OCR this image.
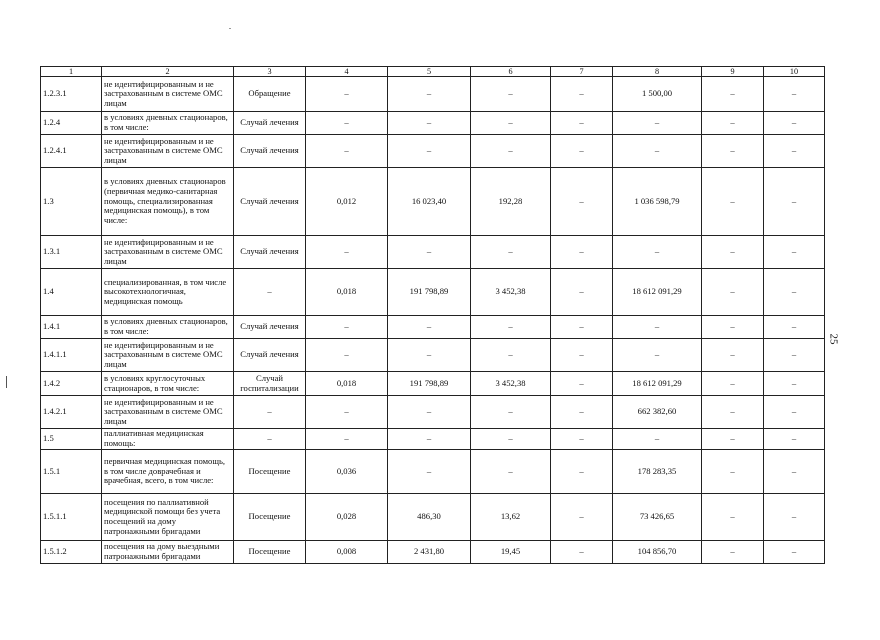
1	2	3	4	5	6	7	8	9	10
1.2.3.1	не идентифицированным и не застрахованным в системе ОМС лицам	Обращение	–	–	–	–	1 500,00	–	–
1.2.4	в условиях дневных стационаров, в том числе:	Случай лечения	–	–	–	–	–	–	–
1.2.4.1	не идентифицированным и не застрахованным в системе ОМС лицам	Случай лечения	–	–	–	–	–	–	–
1.3	в условиях дневных стационаров (первичная медико-санитарная помощь, специализированная медицинская помощь), в том числе:	Случай лечения	0,012	16 023,40	192,28	–	1 036 598,79	–	–
1.3.1	не идентифицированным и не застрахованным в системе ОМС лицам	Случай лечения	–	–	–	–	–	–	–
1.4	специализированная, в том числе высокотехнологичная, медицинская помощь	–	0,018	191 798,89	3 452,38	–	18 612 091,29	–	–
1.4.1	в условиях дневных стационаров, в том числе:	Случай лечения	–	–	–	–	–	–	–
1.4.1.1	не идентифицированным и не застрахованным в системе ОМС лицам	Случай лечения	–	–	–	–	–	–	–
1.4.2	в условиях круглосуточных стационаров, в том числе:	Случай госпитализации	0,018	191 798,89	3 452,38	–	18 612 091,29	–	–
1.4.2.1	не идентифицированным и не застрахованным в системе ОМС лицам	–	–	–	–	–	662 382,60	–	–
1.5	паллиативная медицинская помощь:	–	–	–	–	–	–	–	–
1.5.1	первичная медицинская помощь, в том числе доврачебная и врачебная, всего, в том числе:	Посещение	0,036	–	–	–	178 283,35	–	–
1.5.1.1	посещения по паллиативной медицинской помощи без учета посещений на дому патронажными бригадами	Посещение	0,028	486,30	13,62	–	73 426,65	–	–
1.5.1.2	посещения на дому выездными патронажными бригадами	Посещение	0,008	2 431,80	19,45	–	104 856,70	–	–
25
